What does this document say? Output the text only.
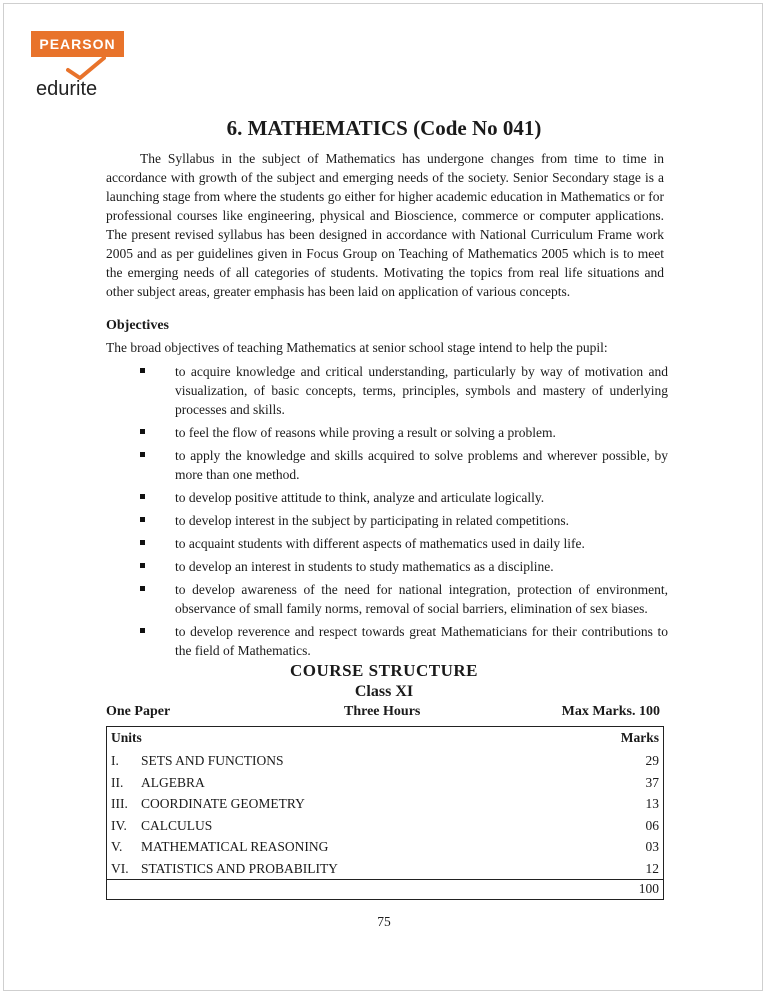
PEARSON
edurite
6. MATHEMATICS (Code No 041)
The Syllabus in the subject of Mathematics has undergone changes from time to time in accordance with growth of the subject and emerging needs of the society. Senior Secondary stage is a launching stage from where the students go either for higher academic education in Mathematics or for professional courses like engineering, physical and Bioscience, commerce or computer applications. The present revised syllabus has been designed in accordance with National Curriculum Frame work 2005 and as per guidelines given in Focus Group on Teaching of Mathematics 2005 which is to meet the emerging needs of all categories of students. Motivating the topics from real life situations and other subject areas, greater emphasis has been laid on application of various concepts.
Objectives
The broad objectives of teaching Mathematics at senior school stage intend to help the pupil:
to acquire knowledge and critical understanding, particularly by way of motivation and visualization, of basic concepts, terms, principles, symbols and mastery of underlying processes and skills.
to feel the flow of reasons while proving a result or solving a problem.
to apply the knowledge and skills acquired to solve problems and wherever possible, by more than one method.
to develop positive attitude to think, analyze and articulate logically.
to develop interest in the subject by participating in related competitions.
to acquaint students with different aspects of mathematics used in daily life.
to develop an interest in students to study mathematics as a discipline.
to develop awareness of the need for national integration, protection of environment, observance of small family norms, removal of social barriers, elimination of sex biases.
to develop reverence and respect towards great Mathematicians for their contributions to the field of Mathematics.
COURSE STRUCTURE
Class XI
One Paper	Three Hours	Max Marks. 100
Units	Marks
I. SETS AND FUNCTIONS	29
II. ALGEBRA	37
III. COORDINATE GEOMETRY	13
IV. CALCULUS	06
V. MATHEMATICAL REASONING	03
VI. STATISTICS AND PROBABILITY	12
100
75
